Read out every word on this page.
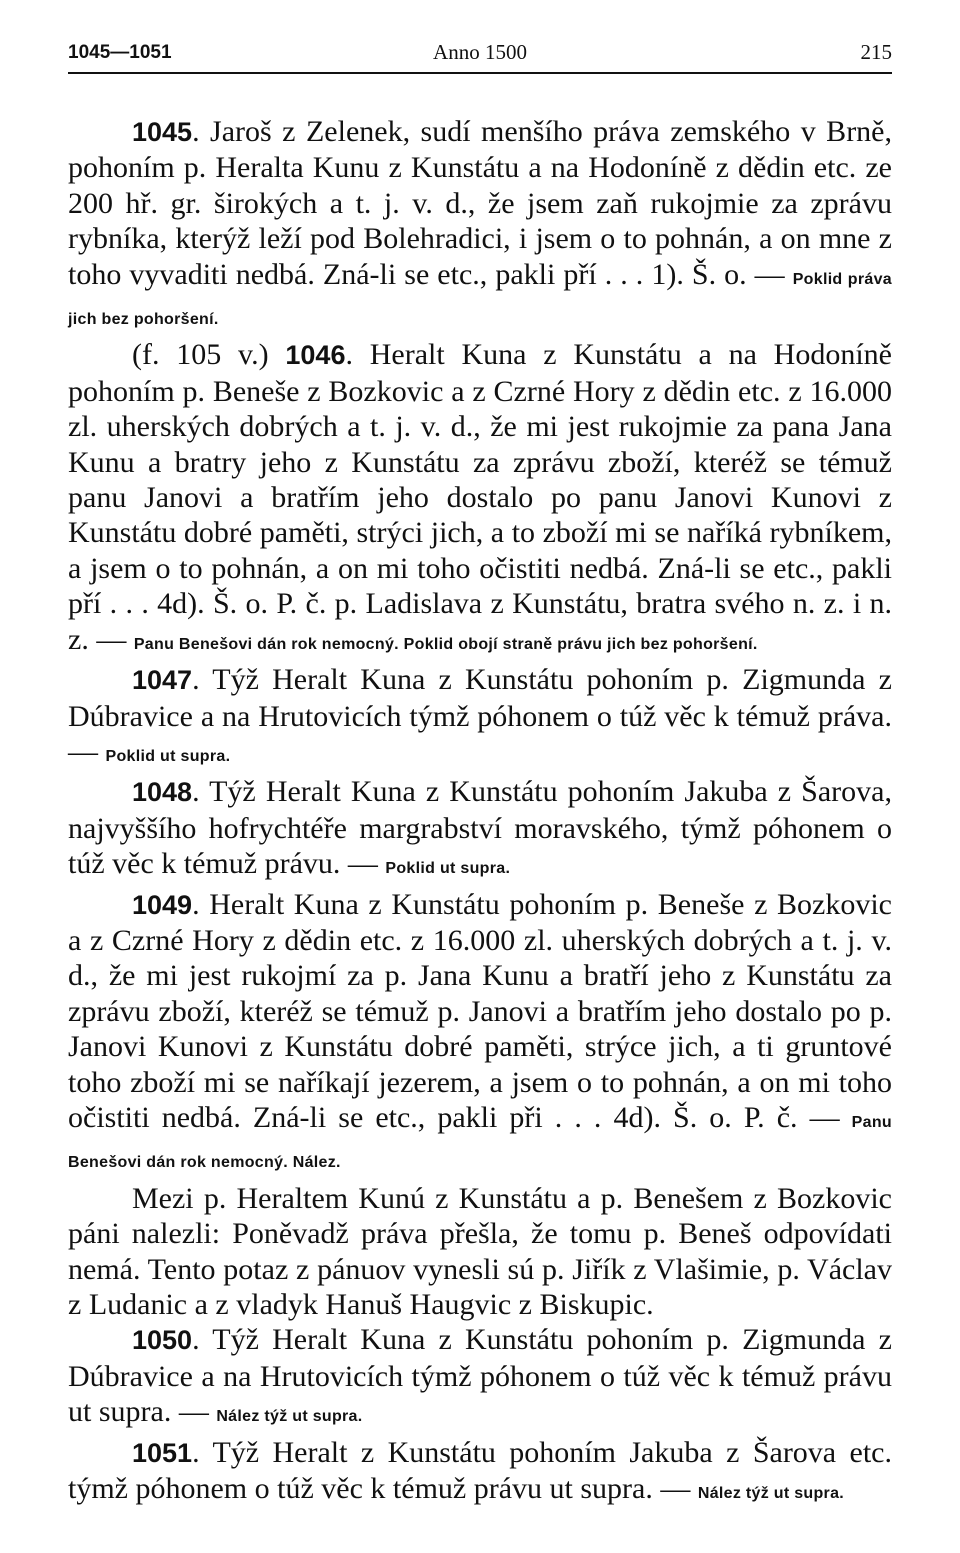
1045—1051	Anno 1500	215

1045. Jaroš z Zelenek, sudí menšího práva zemského v Brně, pohoním p. Heralta Kunu z Kunstátu a na Hodoníně z dědin etc. ze 200 hř. gr. širokých a t. j. v. d., že jsem zaň rukojmie za zprávu rybníka, kterýž leží pod Bolehradici, i jsem o to pohnán, a on mne z toho vyvaditi nedbá. Zná-li se etc., pakli pří . . . 1). Š. o. — Poklid práva jich bez pohoršení.

(f. 105 v.) 1046. Heralt Kuna z Kunstátu a na Hodoníně pohoním p. Beneše z Bozkovic a z Czrné Hory z dědin etc. z 16.000 zl. uherských dobrých a t. j. v. d., že mi jest rukojmie za pana Jana Kunu a bratry jeho z Kunstátu za zprávu zboží, kteréž se témuž panu Janovi a bratřím jeho dostalo po panu Janovi Kunovi z Kunstátu dobré paměti, strýci jich, a to zboží mi se naříká rybníkem, a jsem o to pohnán, a on mi toho očistiti nedbá. Zná-li se etc., pakli pří . . . 4d). Š. o. P. č. p. Ladislava z Kunstátu, bratra svého n. z. i n. z. — Panu Benešovi dán rok nemocný. Poklid obojí straně právu jich bez pohoršení.

1047. Týž Heralt Kuna z Kunstátu pohoním p. Zigmunda z Dúbravice a na Hrutovicích týmž póhonem o túž věc k témuž práva. — Poklid ut supra.

1048. Týž Heralt Kuna z Kunstátu pohoním Jakuba z Šarova, najvyššího hofrychtéře margrabství moravského, týmž póhonem o túž věc k témuž právu. — Poklid ut supra.

1049. Heralt Kuna z Kunstátu pohoním p. Beneše z Bozkovic a z Czrné Hory z dědin etc. z 16.000 zl. uherských dobrých a t. j. v. d., že mi jest rukojmí za p. Jana Kunu a bratří jeho z Kunstátu za zprávu zboží, kteréž se témuž p. Janovi a bratřím jeho dostalo po p. Janovi Kunovi z Kunstátu dobré paměti, strýce jich, a ti gruntové toho zboží mi se naříkají jezerem, a jsem o to pohnán, a on mi toho očistiti nedbá. Zná-li se etc., pakli při . . . 4d). Š. o. P. č. — Panu Benešovi dán rok nemocný. Nález.

Mezi p. Heraltem Kunú z Kunstátu a p. Benešem z Bozkovic páni nalezli: Poněvadž práva přešla, že tomu p. Beneš odpovídati nemá. Tento potaz z pánuov vynesli sú p. Jiřík z Vlašimie, p. Václav z Ludanic a z vladyk Hanuš Haugvic z Biskupic.

1050. Týž Heralt Kuna z Kunstátu pohoním p. Zigmunda z Dúbravice a na Hrutovicích týmž póhonem o túž věc k témuž právu ut supra. — Nález týž ut supra.

1051. Týž Heralt z Kunstátu pohoním Jakuba z Šarova etc. týmž póhonem o túž věc k témuž právu ut supra. — Nález týž ut supra.
